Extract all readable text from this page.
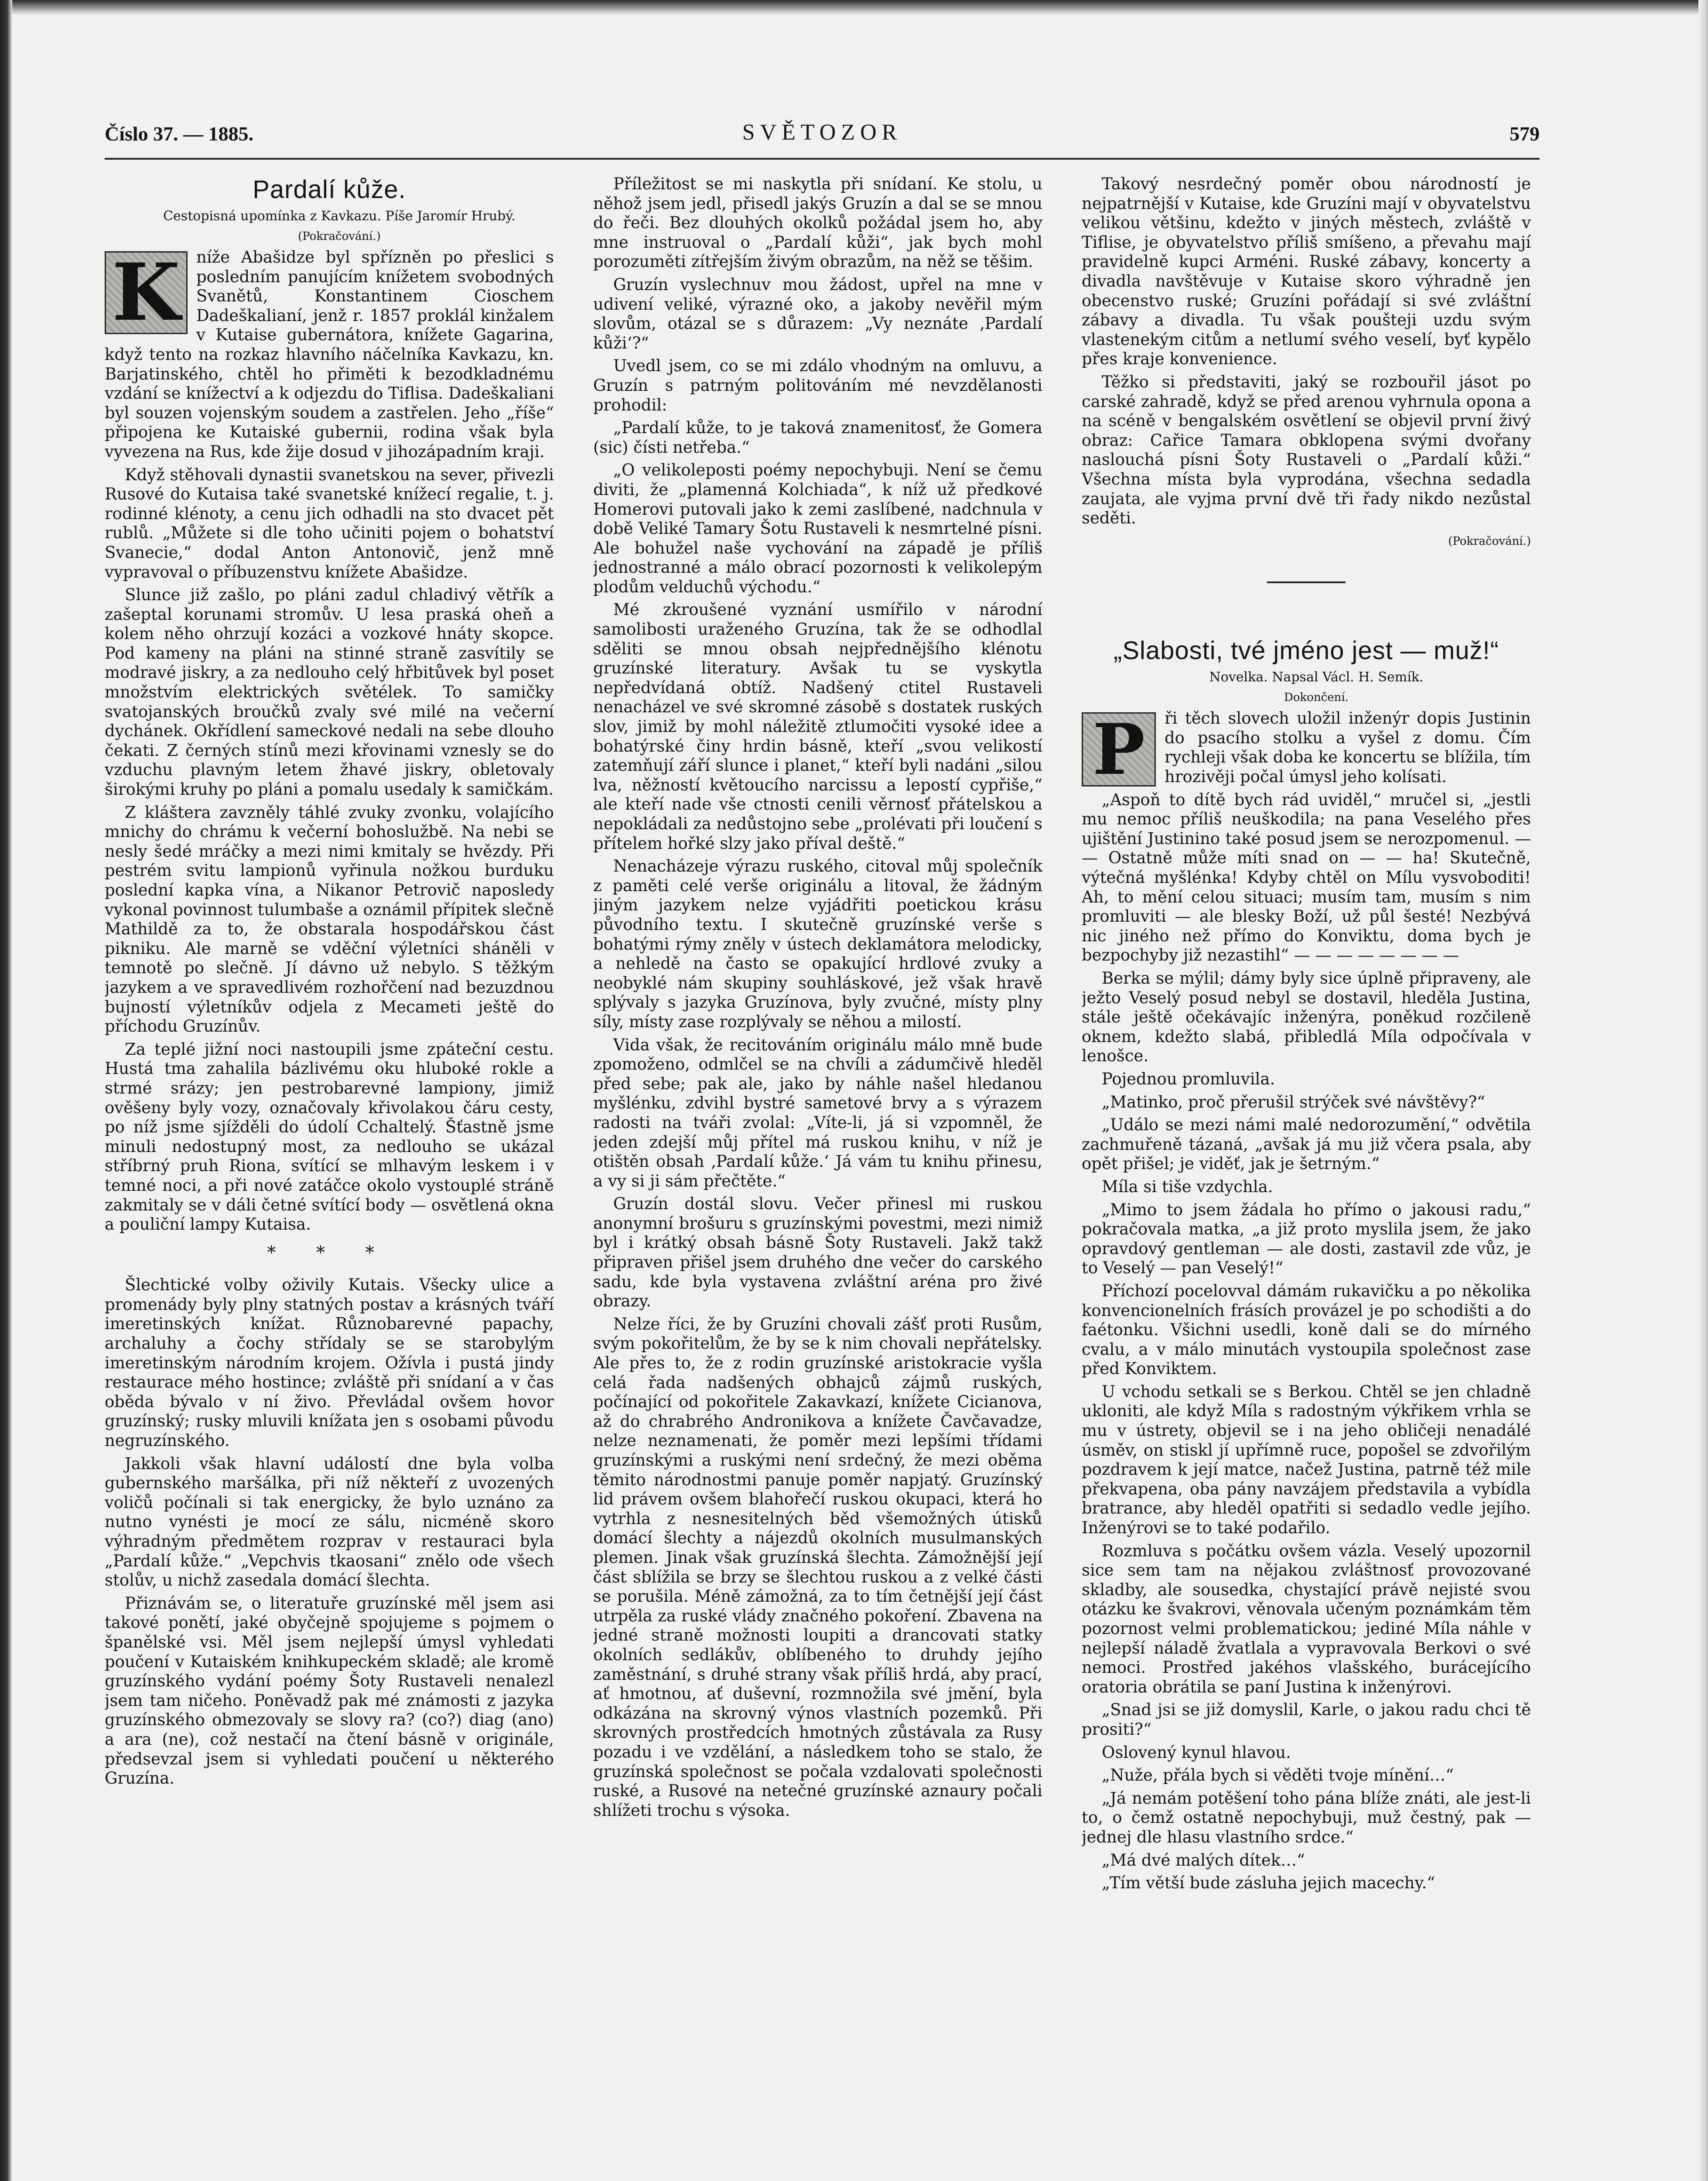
Číslo 37. — 1885.	SVĚTOZOR	579
Pardalí kůže.

Cestopisná upomínka z Kavkazu. Píše Jaromír Hrubý.

(Pokračování.)

K níže Abašidze byl spřízněn po přeslici s posledním panujícím knížetem svobodných Svanětů, Konstantinem Cioschem Dadeškalianí, jenž r. 1857 proklál kinžalem v Kutaise gubernátora, knížete Gagarina, když tento na rozkaz hlavního náčelníka Kavkazu, kn. Barjatinského, chtěl ho přiměti k bezodkladnému vzdání se knížectví a k odjezdu do Tiflisa. Dadeškaliani byl souzen vojenským soudem a zastřelen. Jeho „říše“ připojena ke Kutaiské gubernii, rodina však byla vyvezena na Rus, kde žije dosud v jihozápadním kraji.

Když stěhovali dynastii svanetskou na sever, přivezli Rusové do Kutaisa také svanetské knížecí regalie, t. j. rodinné klénoty, a cenu jich odhadli na sto dvacet pět rublů. „Můžete si dle toho učiniti pojem o bohatství Svanecie,“ dodal Anton Antonovič, jenž mně vypravoval o příbuzenstvu knížete Abašidze.

Slunce již zašlo, po pláni zadul chladivý větřík a zašeptal korunami stromův. U lesa praská oheň a kolem něho ohrzují kozáci a vozkové hnáty skopce. Pod kameny na pláni na stinné straně zasvítily se modravé jiskry, a za nedlouho celý hřbitůvek byl poset množstvím elektrických světélek. To samičky svatojanských broučků zvaly své milé na večerní dychánek. Okřídlení sameckové nedali na sebe dlouho čekati. Z černých stínů mezi křovinami vznesly se do vzduchu plavným letem žhavé jiskry, obletovaly širokými kruhy po pláni a pomalu usedaly k samičkám.

Z kláštera zavzněly táhlé zvuky zvonku, volajícího mnichy do chrámu k večerní bohoslužbě. Na nebi se nesly šedé mráčky a mezi nimi kmitaly se hvězdy. Při pestrém svitu lampionů vyřinula nožkou burduku poslední kapka vína, a Nikanor Petrovič naposledy vykonal povinnost tulumbaše a oznámil přípitek slečně Mathildě za to, že obstarala hospodářskou část pikniku. Ale marně se vděční výletníci sháněli v temnotě po slečně. Jí dávno už nebylo. S těžkým jazykem a ve spravedlivém rozhořčení nad bezuzdnou bujností výletníkův odjela z Mecameti ještě do příchodu Gruzínův.

Za teplé jižní noci nastoupili jsme zpáteční cestu. Hustá tma zahalila bázlivému oku hluboké rokle a strmé srázy; jen pestrobarevné lampiony, jimiž ověšeny byly vozy, označovaly křivolakou čáru cesty, po níž jsme sjížděli do údolí Cchaltelý. Šťastně jsme minuli nedostupný most, za nedlouho se ukázal stříbrný pruh Riona, svítící se mlhavým leskem i v temné noci, a při nové zatáčce okolo vystouplé stráně zakmitaly se v dáli četné svítící body — osvětlená okna a pouliční lampy Kutaisa.

* * *

Šlechtické volby oživily Kutais. Všecky ulice a promenády byly plny statných postav a krásných tváří imeretinských knížat. Různobarevné papachy, archaluhy a čochy střídaly se se starobylým imeretinským národním krojem. Ožívla i pustá jindy restaurace mého hostince; zvláště při snídaní a v čas oběda bývalo v ní živo. Převládal ovšem hovor gruzínský; rusky mluvili knížata jen s osobami původu negruzínského.

Jakkoli však hlavní událostí dne byla volba gubernského maršálka, při níž někteří z uvozených voličů počínali si tak energicky, že bylo uznáno za nutno vynésti je mocí ze sálu, nicméně skoro výhradným předmětem rozprav v restauraci byla „Pardalí kůže.“ „Vepchvis tkaosani“ znělo ode všech stolův, u nichž zasedala domácí šlechta.

Přiznávám se, o literatuře gruzínské měl jsem asi takové ponětí, jaké obyčejně spojujeme s pojmem o španělské vsi. Měl jsem nejlepší úmysl vyhledati poučení v Kutaiském knihkupeckém skladě; ale kromě gruzínského vydání poémy Šoty Rustaveli nenalezl jsem tam ničeho. Poněvadž pak mé známosti z jazyka gruzínského obmezovaly se slovy ra? (co?) diag (ano) a ara (ne), což nestačí na čtení básně v originále, předsevzal jsem si vyhledati poučení u některého Gruzína.

Příležitost se mi naskytla při snídaní. Ke stolu, u něhož jsem jedl, přisedl jakýs Gruzín a dal se se mnou do řeči. Bez dlouhých okolků požádal jsem ho, aby mne instruoval o „Pardalí kůži“, jak bych mohl porozuměti zítřejším živým obrazům, na něž se těšim.

Gruzín vyslechnuv mou žádost, upřel na mne v udivení veliké, výrazné oko, a jakoby nevěřil mým slovům, otázal se s důrazem: „Vy neznáte ‚Pardalí kůži‘?“

Uvedl jsem, co se mi zdálo vhodným na omluvu, a Gruzín s patrným politováním mé nevzdělanosti prohodil:

„Pardalí kůže, to je taková znamenitosť, že Gomera (sic) čísti netřeba.“

„O velikoleposti poémy nepochybuji. Není se čemu diviti, že „plamenná Kolchiada“, k níž už předkové Homerovi putovali jako k zemi zaslíbené, nadchnula v době Veliké Tamary Šotu Rustaveli k nesmrtelné písni. Ale bohužel naše vychování na západě je příliš jednostranné a málo obrací pozornosti k velikolepým plodům velduchů východu.“

Mé zkroušené vyznání usmířilo v národní samolibosti uraženého Gruzína, tak že se odhodlal sděliti se mnou obsah nejpřednějšího klénotu gruzínské literatury. Avšak tu se vyskytla nepředvídaná obtíž. Nadšený ctitel Rustaveli nenacházel ve své skromné zásobě s dostatek ruských slov, jimiž by mohl náležitě ztlumočiti vysoké idee a bohatýrské činy hrdin básně, kteří „svou velikostí zatemňují září slunce i planet,“ kteří byli nadáni „silou lva, něžností květoucího narcissu a lepostí cypřiše,“ ale kteří nade vše ctnosti cenili věrnosť přátelskou a nepokládali za nedůstojno sebe „prolévati při loučení s přítelem hořké slzy jako příval deště.“

Nenacházeje výrazu ruského, citoval můj společník z paměti celé verše originálu a litoval, že žádným jiným jazykem nelze vyjádřiti poetickou krásu původního textu. I skutečně gruzínské verše s bohatými rýmy zněly v ústech deklamátora melodicky, a nehledě na často se opakující hrdlové zvuky a neobyklé nám skupiny souhláskové, jež však hravě splývaly s jazyka Gruzínova, byly zvučné, místy plny síly, místy zase rozplývaly se něhou a milostí.

Vida však, že recitováním originálu málo mně bude zpomoženo, odmlčel se na chvíli a zádumčivě hleděl před sebe; pak ale, jako by náhle našel hledanou myšlénku, zdvihl bystré sametové brvy a s výrazem radosti na tváři zvolal: „Víte-li, já si vzpomněl, že jeden zdejší můj přítel má ruskou knihu, v níž je otištěn obsah ‚Pardalí kůže.‘ Já vám tu knihu přinesu, a vy si ji sám přečtěte.“

Gruzín dostál slovu. Večer přinesl mi ruskou anonymní brošuru s gruzínskými povestmi, mezi nimiž byl i krátký obsah básně Šoty Rustaveli. Jakž takž připraven přišel jsem druhého dne večer do carského sadu, kde byla vystavena zvláštní aréna pro živé obrazy.

Nelze říci, že by Gruzíni chovali zášť proti Rusům, svým pokořitelům, že by se k nim chovali nepřátelsky. Ale přes to, že z rodin gruzínské aristokracie vyšla celá řada nadšených obhajců zájmů ruských, počínající od pokořitele Zakavkazí, knížete Cicianova, až do chrabrého Andronikova a knížete Čavčavadze, nelze neznamenati, že poměr mezi lepšími třídami gruzínskými a ruskými není srdečný, že mezi oběma těmito národnostmi panuje poměr napjatý. Gruzínský lid právem ovšem blahořečí ruskou okupaci, která ho vytrhla z nesnesitelných běd všemožných útisků domácí šlechty a nájezdů okolních musulmanských plemen. Jinak však gruzínská šlechta. Zámožnější její část sblížila se brzy se šlechtou ruskou a z velké části se porušila. Méně zámožná, za to tím četnější její část utrpěla za ruské vlády značného pokoření. Zbavena na jedné straně možnosti loupiti a drancovati statky okolních sedlákův, oblíbeného to druhdy jejího zaměstnání, s druhé strany však příliš hrdá, aby prací, ať hmotnou, ať duševní, rozmnožila své jmění, byla odkázána na skrovný výnos vlastních pozemků. Při skrovných prostředcích hmotných zůstávala za Rusy pozadu i ve vzdělání, a následkem toho se stalo, že gruzínská společnost se počala vzdalovati společnosti ruské, a Rusové na netečné gruzínské aznaury počali shlížeti trochu s výsoka.

Takový nesrdečný poměr obou národností je nejpatrnější v Kutaise, kde Gruzíni mají v obyvatelstvu velikou většinu, kdežto v jiných městech, zvláště v Tiflise, je obyvatelstvo příliš smíšeno, a převahu mají pravidelně kupci Arméni. Ruské zábavy, koncerty a divadla navštěvuje v Kutaise skoro výhradně jen obecenstvo ruské; Gruzíni pořádají si své zvláštní zábavy a divadla. Tu však poušteji uzdu svým vlastenekým citům a netlumí svého veselí, byť kypělo přes kraje konvenience.

Těžko si představiti, jaký se rozbouřil jásot po carské zahradě, když se před arenou vyhrnula opona a na scéně v bengalském osvětlení se objevil první živý obraz: Cařice Tamara obklopena svými dvořany naslouchá písni Šoty Rustaveli o „Pardalí kůži.“ Všechna místa byla vyprodána, všechna sedadla zaujata, ale vyjma první dvě tři řady nikdo nezůstal seděti.

(Pokračování.)

„Slabosti, tvé jméno jest — muž!“

Novelka. Napsal Václ. H. Semík.

Dokončení.

P	ři těch slovech uložil inženýr dopis Justinin do psacího stolku a vyšel z domu. Čím rychleji však doba ke koncertu se blížila, tím hrozivěji počal úmysl jeho kolísati.

„Aspoň to dítě bych rád uviděl,“ mručel si, „jestli mu nemoc příliš neuškodila; na pana Veselého přes ujištění Justinino také posud jsem se nerozpomenul. — — Ostatně může míti snad on — — ha! Skutečně, výtečná myšlénka! Kdyby chtěl on Mílu vysvoboditi! Ah, to mění celou situaci; musím tam, musím s nim promluviti — ale blesky Boží, už půl šesté! Nezbývá nic jiného než přímo do Konviktu, doma bych je bezpochyby již nezastihl“ — — — — — — — —

Berka se mýlil; dámy byly sice úplně připraveny, ale ježto Veselý posud nebyl se dostavil, hleděla Justina, stále ještě očekávajíc inženýra, poněkud rozčileně oknem, kdežto slabá, přibledlá Míla odpočívala v lenošce.

Pojednou promluvila.

„Matinko, proč přerušil strýček své návštěvy?“

„Událo se mezi námi malé nedorozumění,“ odvětila zachmuřeně tázaná, „avšak já mu již včera psala, aby opět přišel; je viděť, jak je šetrným.“

Míla si tiše vzdychla.

„Mimo to jsem žádala ho přímo o jakousi radu,“ pokračovala matka, „a již proto myslila jsem, že jako opravdový gentleman — ale dosti, zastavil zde vůz, je to Veselý — pan Veselý!“

Příchozí pocelovval dámám rukavičku a po několika konvencionelních frásích provázel je po schodišti a do faétonku. Všichni usedli, koně dali se do mírného cvalu, a v málo minutách vystoupila společnost zase před Konviktem.

U vchodu setkali se s Berkou. Chtěl se jen chladně ukloniti, ale když Míla s radostným výkřikem vrhla se mu v ústrety, objevil se i na jeho obličeji nenadálé úsměv, on stiskl jí upřímně ruce, popošel se zdvořilým pozdravem k její matce, načež Justina, patrně též mile překvapena, oba pány navzájem představila a vybídla bratrance, aby hleděl opatřiti si sedadlo vedle jejího. Inženýrovi se to také podařilo.

Rozmluva s počátku ovšem vázla. Veselý upozornil sice sem tam na nějakou zvláštnosť provozované skladby, ale sousedka, chystající právě nejisté svou otázku ke švakrovi, věnovala učeným poznámkám těm pozornost velmi problematickou; jediné Míla náhle v nejlepší náladě žvatlala a vypravovala Berkovi o své nemoci. Prostřed jakéhos vlašského, burácejícího oratoria obrátila se paní Justina k inženýrovi.

„Snad jsi se již domyslil, Karle, o jakou radu chci tě prositi?“

Oslovený kynul hlavou.

„Nuže, přála bych si věděti tvoje mínění…“

„Já nemám potěšení toho pána blíže znáti, ale jest-li to, o čemž ostatně nepochybuji, muž čestný, pak — jednej dle hlasu vlastního srdce.“

„Má dvé malých dítek…“

„Tím větší bude zásluha jejich macechy.“
